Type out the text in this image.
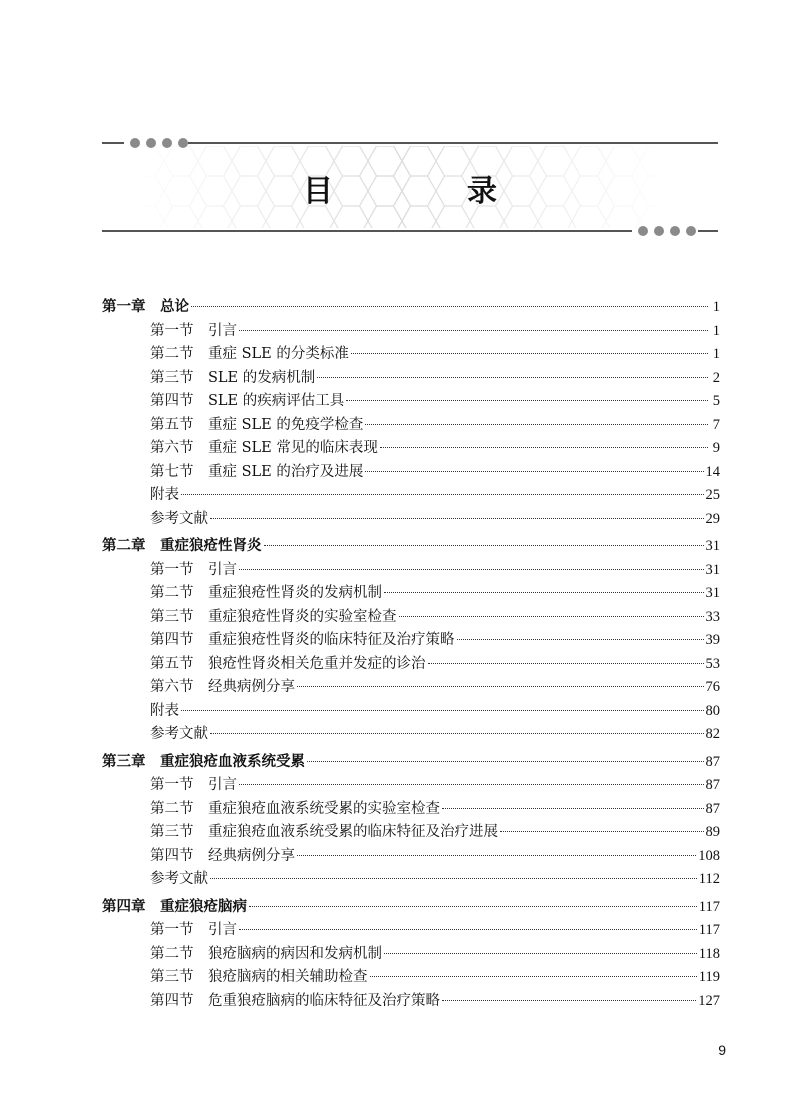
目　录
第一章　总论	1
第一节　引言	1
第二节　重症 SLE 的分类标准	1
第三节　SLE 的发病机制	2
第四节　SLE 的疾病评估工具	5
第五节　重症 SLE 的免疫学检查	7
第六节　重症 SLE 常见的临床表现	9
第七节　重症 SLE 的治疗及进展	14
附表	25
参考文献	29
第二章　重症狼疮性肾炎	31
第一节　引言	31
第二节　重症狼疮性肾炎的发病机制	31
第三节　重症狼疮性肾炎的实验室检查	33
第四节　重症狼疮性肾炎的临床特征及治疗策略	39
第五节　狼疮性肾炎相关危重并发症的诊治	53
第六节　经典病例分享	76
附表	80
参考文献	82
第三章　重症狼疮血液系统受累	87
第一节　引言	87
第二节　重症狼疮血液系统受累的实验室检查	87
第三节　重症狼疮血液系统受累的临床特征及治疗进展	89
第四节　经典病例分享	108
参考文献	112
第四章　重症狼疮脑病	117
第一节　引言	117
第二节　狼疮脑病的病因和发病机制	118
第三节　狼疮脑病的相关辅助检查	119
第四节　危重狼疮脑病的临床特征及治疗策略	127
9
